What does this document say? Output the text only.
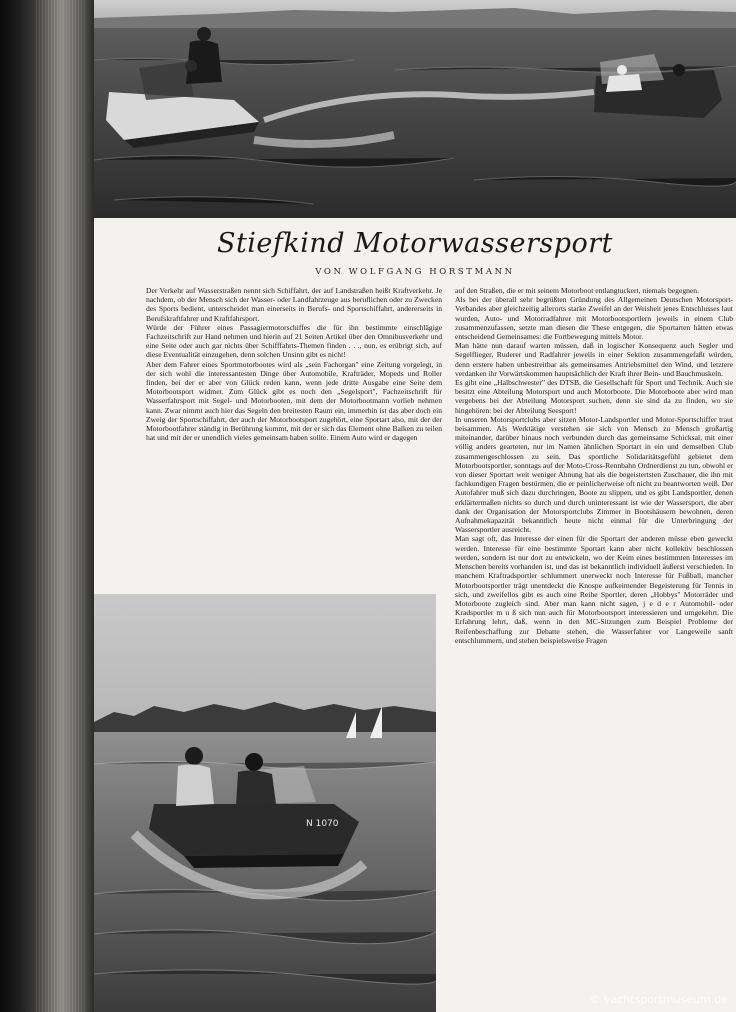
Stiefkind Motorwassersport
VON WOLFGANG HORSTMANN

Der Verkehr auf Wasserstraßen nennt sich Schiffahrt, der auf Landstraßen heißt Kraftverkehr. Je nachdem, ob der Mensch sich der Wasser- oder Landfahrzeuge aus beruflichen oder zu Zwecken des Sports bedient, unterscheidet man einerseits in Berufs- und Sportschiffahrt, andererseits in Berufskraftfahrer und Kraftfahrsport.

Würde der Führer eines Passagiermotorschiffes die für ihn bestimmte einschlägige Fachzeitschrift zur Hand nehmen und hierin auf 21 Seiten Artikel über den Omnibusverkehr und eine Seite oder auch gar nichts über Schifffahrts-Themen finden . . ., nun, es erübrigt sich, auf diese Eventualität einzugehen, denn solchen Unsinn gibt es nicht!

Aber dem Fahrer eines Sportmotorbootes wird als „sein Fachorgan" eine Zeitung vorgelegt, in der sich wohl die interessantesten Dinge über Automobile, Krafträder, Mopeds und Roller finden, bei der er aber von Glück reden kann, wenn jede dritte Ausgabe eine Seite dem Motorbootsport widmet. Zum Glück gibt es noch den „Segelsport", Fachzeitschrift für Wasserfahrsport mit Segel- und Motorbooten, mit dem der Motorbootmann vorlieb nehmen kann. Zwar nimmt auch hier das Segeln den breitesten Raum ein, immerhin ist das aber doch ein Zweig der Sportschiffahrt, der auch der Motorbootsport zugehört, eine Sportart also, mit der der Motorbootfahrer ständig in Berührung kommt, mit der er sich das Element ohne Balken zu teilen hat und mit der er unendlich vieles gemeinsam haben sollte. Einem Auto wird er dagegen

auf den Straßen, die er mit seinem Motorboot entlangtuckert, niemals begegnen.

Als bei der überall sehr begrüßten Gründung des Allgemeinen Deutschen Motorsport-Verbandes aber gleichzeitig allerorts starke Zweifel an der Weisheit jenes Entschlusses laut wurden, Auto- und Motorradfahrer mit Motorbootsportlern jeweils in einem Club zusammenzufassen, setzte man diesen die These entgegen, die Sportarten hätten etwas entscheidend Gemeinsames: die Fortbewegung mittels Motor.

Man hätte nun darauf warten müssen, daß in logischer Konsequenz auch Segler und Segelflieger, Ruderer und Radfahrer jeweils in einer Sektion zusammengefaßt würden, denn erstere haben unbestreitbar als gemeinsames Antriebsmittel den Wind, und letztere verdanken ihr Vorwärtskommen hauptsächlich der Kraft ihrer Bein- und Bauchmuskeln.

Es gibt eine „Halbschwester" des DTSB, die Gesellschaft für Sport und Technik. Auch sie besitzt eine Abteilung Motorsport und auch Motorboote. Die Motorboote aber wird man vergebens bei der Abteilung Motorsport suchen, denn sie sind da zu finden, wo sie hingehören: bei der Abteilung Seesport!

In unseren Motorsportclubs aber sitzen Motor-Landsportler und Motor-Sportschiffer traut beisammen. Als Werktätige verstehen sie sich von Mensch zu Mensch großartig miteinander, darüber hinaus noch verbunden durch das gemeinsame Schicksal, mit einer völlig anders gearteten, nur im Namen ähnlichen Sportart in ein und demselben Club zusammengeschlossen zu sein. Das sportliche Solidaritätsgefühl gebietet dem Motorbootsportler, sonntags auf der Moto-Cross-Rennbahn Ordnerdienst zu tun, obwohl er von dieser Sportart weit weniger Ahnung hat als die begeistertsten Zuschauer, die ihn mit fachkundigen Fragen bestürmen, die er peinlicherweise oft nicht zu beantworten weiß. Der Autofahrer muß sich dazu durchringen, Boote zu slippen, und es gibt Landsportler, denen erklärtermaßen nichts so durch und durch uninteressant ist wie der Wassersport, die aber dank der Organisation der Motorsportclubs Zimmer in Bootshäusern bewohnen, deren Aufnahmekapazität bekanntlich heute nicht einmal für die Unterbringung der Wassersportler ausreicht.

Man sagt oft, das Interesse der einen für die Sportart der anderen müsse eben geweckt werden. Interesse für eine bestimmte Sportart kann aber nicht kollektiv beschlossen werden, sondern ist nur dort zu entwickeln, wo der Keim eines bestimmten Interesses im Menschen bereits vorhanden ist, und das ist bekanntlich individuell äußerst verschieden. In manchem Kraftradsportler schlummert unerweckt noch Interesse für Fußball, mancher Motorbootsportler trägt unentdeckt die Knospe aufkeimender Begeisterung für Tennis in sich, und zweifellos gibt es auch eine Reihe Sportler, deren „Hobbys" Motorräder und Motorboote zugleich sind. Aber man kann nicht sagen, j e d e r Automobil- oder Kradsportler m u ß sich nun auch für Motorbootsport interessieren und umgekehrt. Die Erfahrung lehrt, daß, wenn in den MC-Sitzungen zum Beispiel Probleme der Reifenbeschaffung zur Debatte stehen, die Wasserfahrer vor Langeweile sanft entschlummern, und stehen beispielsweise Fragen

N 1070
© yachtsportmuseum.de
